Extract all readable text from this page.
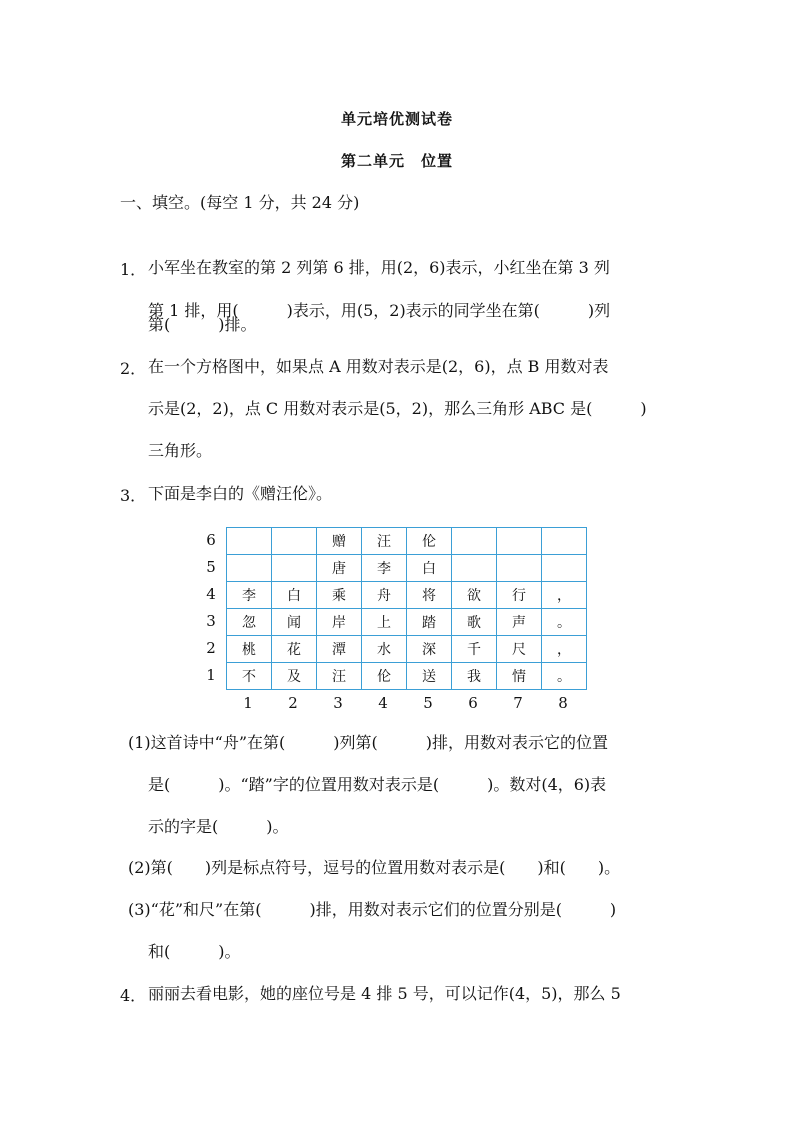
单元培优测试卷
第二单元　位置
一、填空。(每空 1 分，共 24 分)
1． 小军坐在教室的第 2 列第 6 排，用(2，6)表示，小红坐在第 3 列
第 1 排，用(　　　)表示，用(5，2)表示的同学坐在第(　　　)列
第(　　　)排。
2． 在一个方格图中，如果点 A 用数对表示是(2，6)，点 B 用数对表
示是(2，2)，点 C 用数对表示是(5，2)，那么三角形 ABC 是(　　　)
三角形。
3． 下面是李白的《赠汪伦》。
6
5
4
3
2
1
		赠	汪	伦			
		唐	李	白			
李	白	乘	舟	将	欲	行	，
忽	闻	岸	上	踏	歌	声	。
桃	花	潭	水	深	千	尺	，
不	及	汪	伦	送	我	情	。
1	2	3	4	5	6	7	8
(1)这首诗中“舟”在第(　　　)列第(　　　)排，用数对表示它的位置
是(　　　)。“踏”字的位置用数对表示是(　　　)。数对(4，6)表
示的字是(　　　)。
(2)第(　　)列是标点符号，逗号的位置用数对表示是(　　)和(　　)。
(3)“花”和尺”在第(　　　)排，用数对表示它们的位置分别是(　　　)
和(　　　)。
4． 丽丽去看电影，她的座位号是 4 排 5 号，可以记作(4，5)，那么 5
